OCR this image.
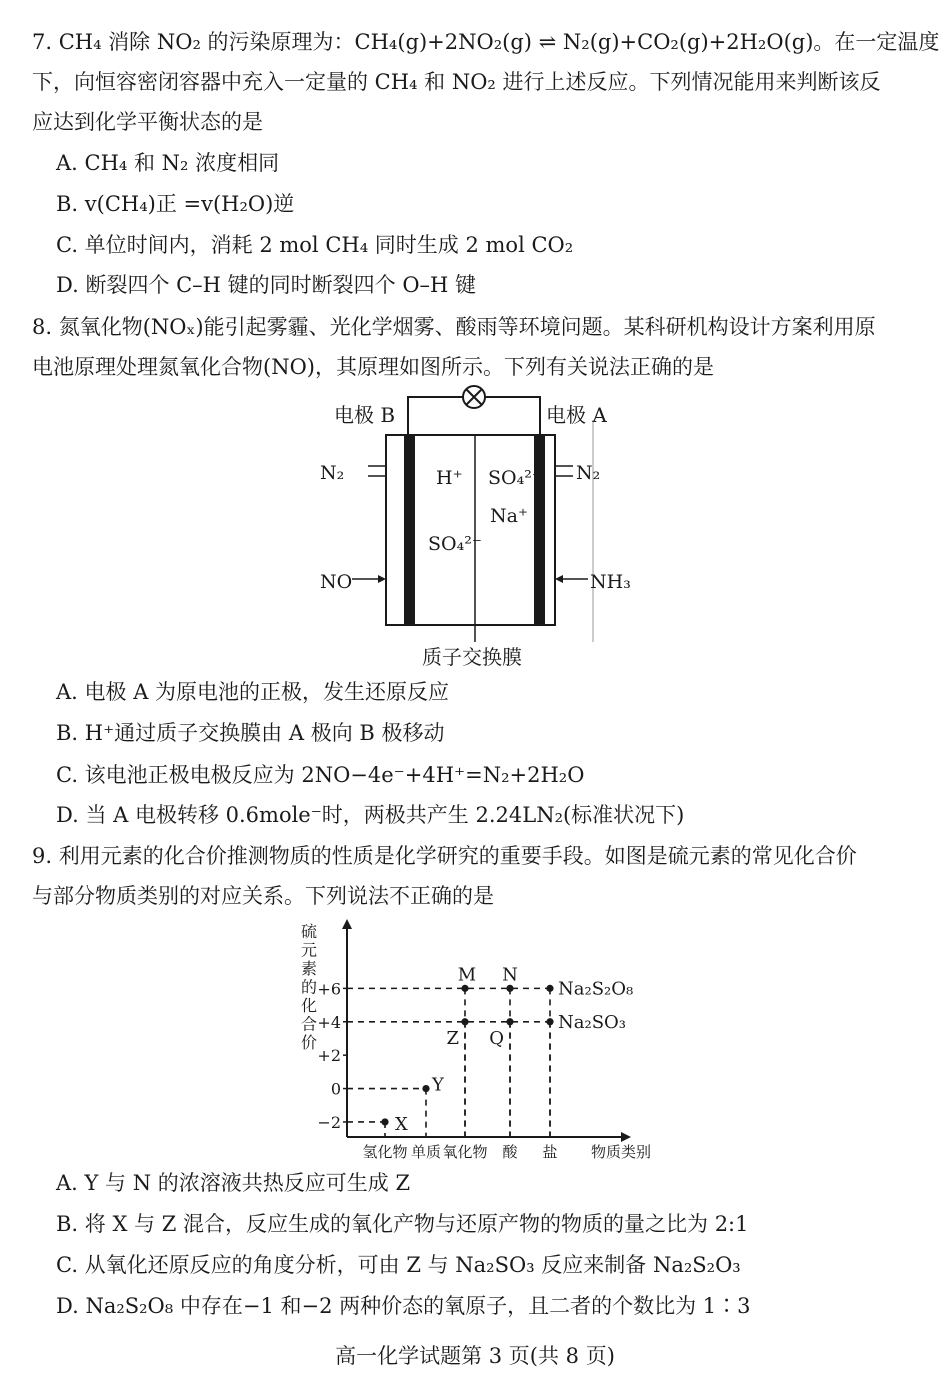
7. CH₄ 消除 NO₂ 的污染原理为：CH₄(g)+2NO₂(g) ⇌ N₂(g)+CO₂(g)+2H₂O(g)。在一定温度
下，向恒容密闭容器中充入一定量的 CH₄ 和 NO₂ 进行上述反应。下列情况能用来判断该反
应达到化学平衡状态的是
A. CH₄ 和 N₂ 浓度相同
B. v(CH₄)正 =v(H₂O)逆
C. 单位时间内，消耗 2 mol CH₄ 同时生成 2 mol CO₂
D. 断裂四个 C–H 键的同时断裂四个 O–H 键
8. 氮氧化物(NOₓ)能引起雾霾、光化学烟雾、酸雨等环境问题。某科研机构设计方案利用原
电池原理处理氮氧化合物(NO)，其原理如图所示。下列有关说法正确的是
电极 B	电极 A
N₂	N₂
NO	NH₃
H⁺
SO₄²⁻
SO₄²⁻
Na⁺
质子交换膜
A. 电极 A 为原电池的正极，发生还原反应
B. H⁺通过质子交换膜由 A 极向 B 极移动
C. 该电池正极电极反应为 2NO−4e⁻+4H⁺=N₂+2H₂O
D. 当 A 电极转移 0.6mole⁻时，两极共产生 2.24LN₂(标准状况下)
9. 利用元素的化合价推测物质的性质是化学研究的重要手段。如图是硫元素的常见化合价
与部分物质类别的对应关系。下列说法不正确的是
硫元素的化合价
+6
+4
+2
0
−2
氢化物 单质 氧化物 酸 盐 物质类别
X
Y
Z
M
Q
N
Na₂SO₃
Na₂S₂O₈
A. Y 与 N 的浓溶液共热反应可生成 Z
B. 将 X 与 Z 混合，反应生成的氧化产物与还原产物的物质的量之比为 2:1
C. 从氧化还原反应的角度分析，可由 Z 与 Na₂SO₃ 反应来制备 Na₂S₂O₃
D. Na₂S₂O₈ 中存在−1 和−2 两种价态的氧原子，且二者的个数比为 1∶3
高一化学试题第 3 页(共 8 页)
